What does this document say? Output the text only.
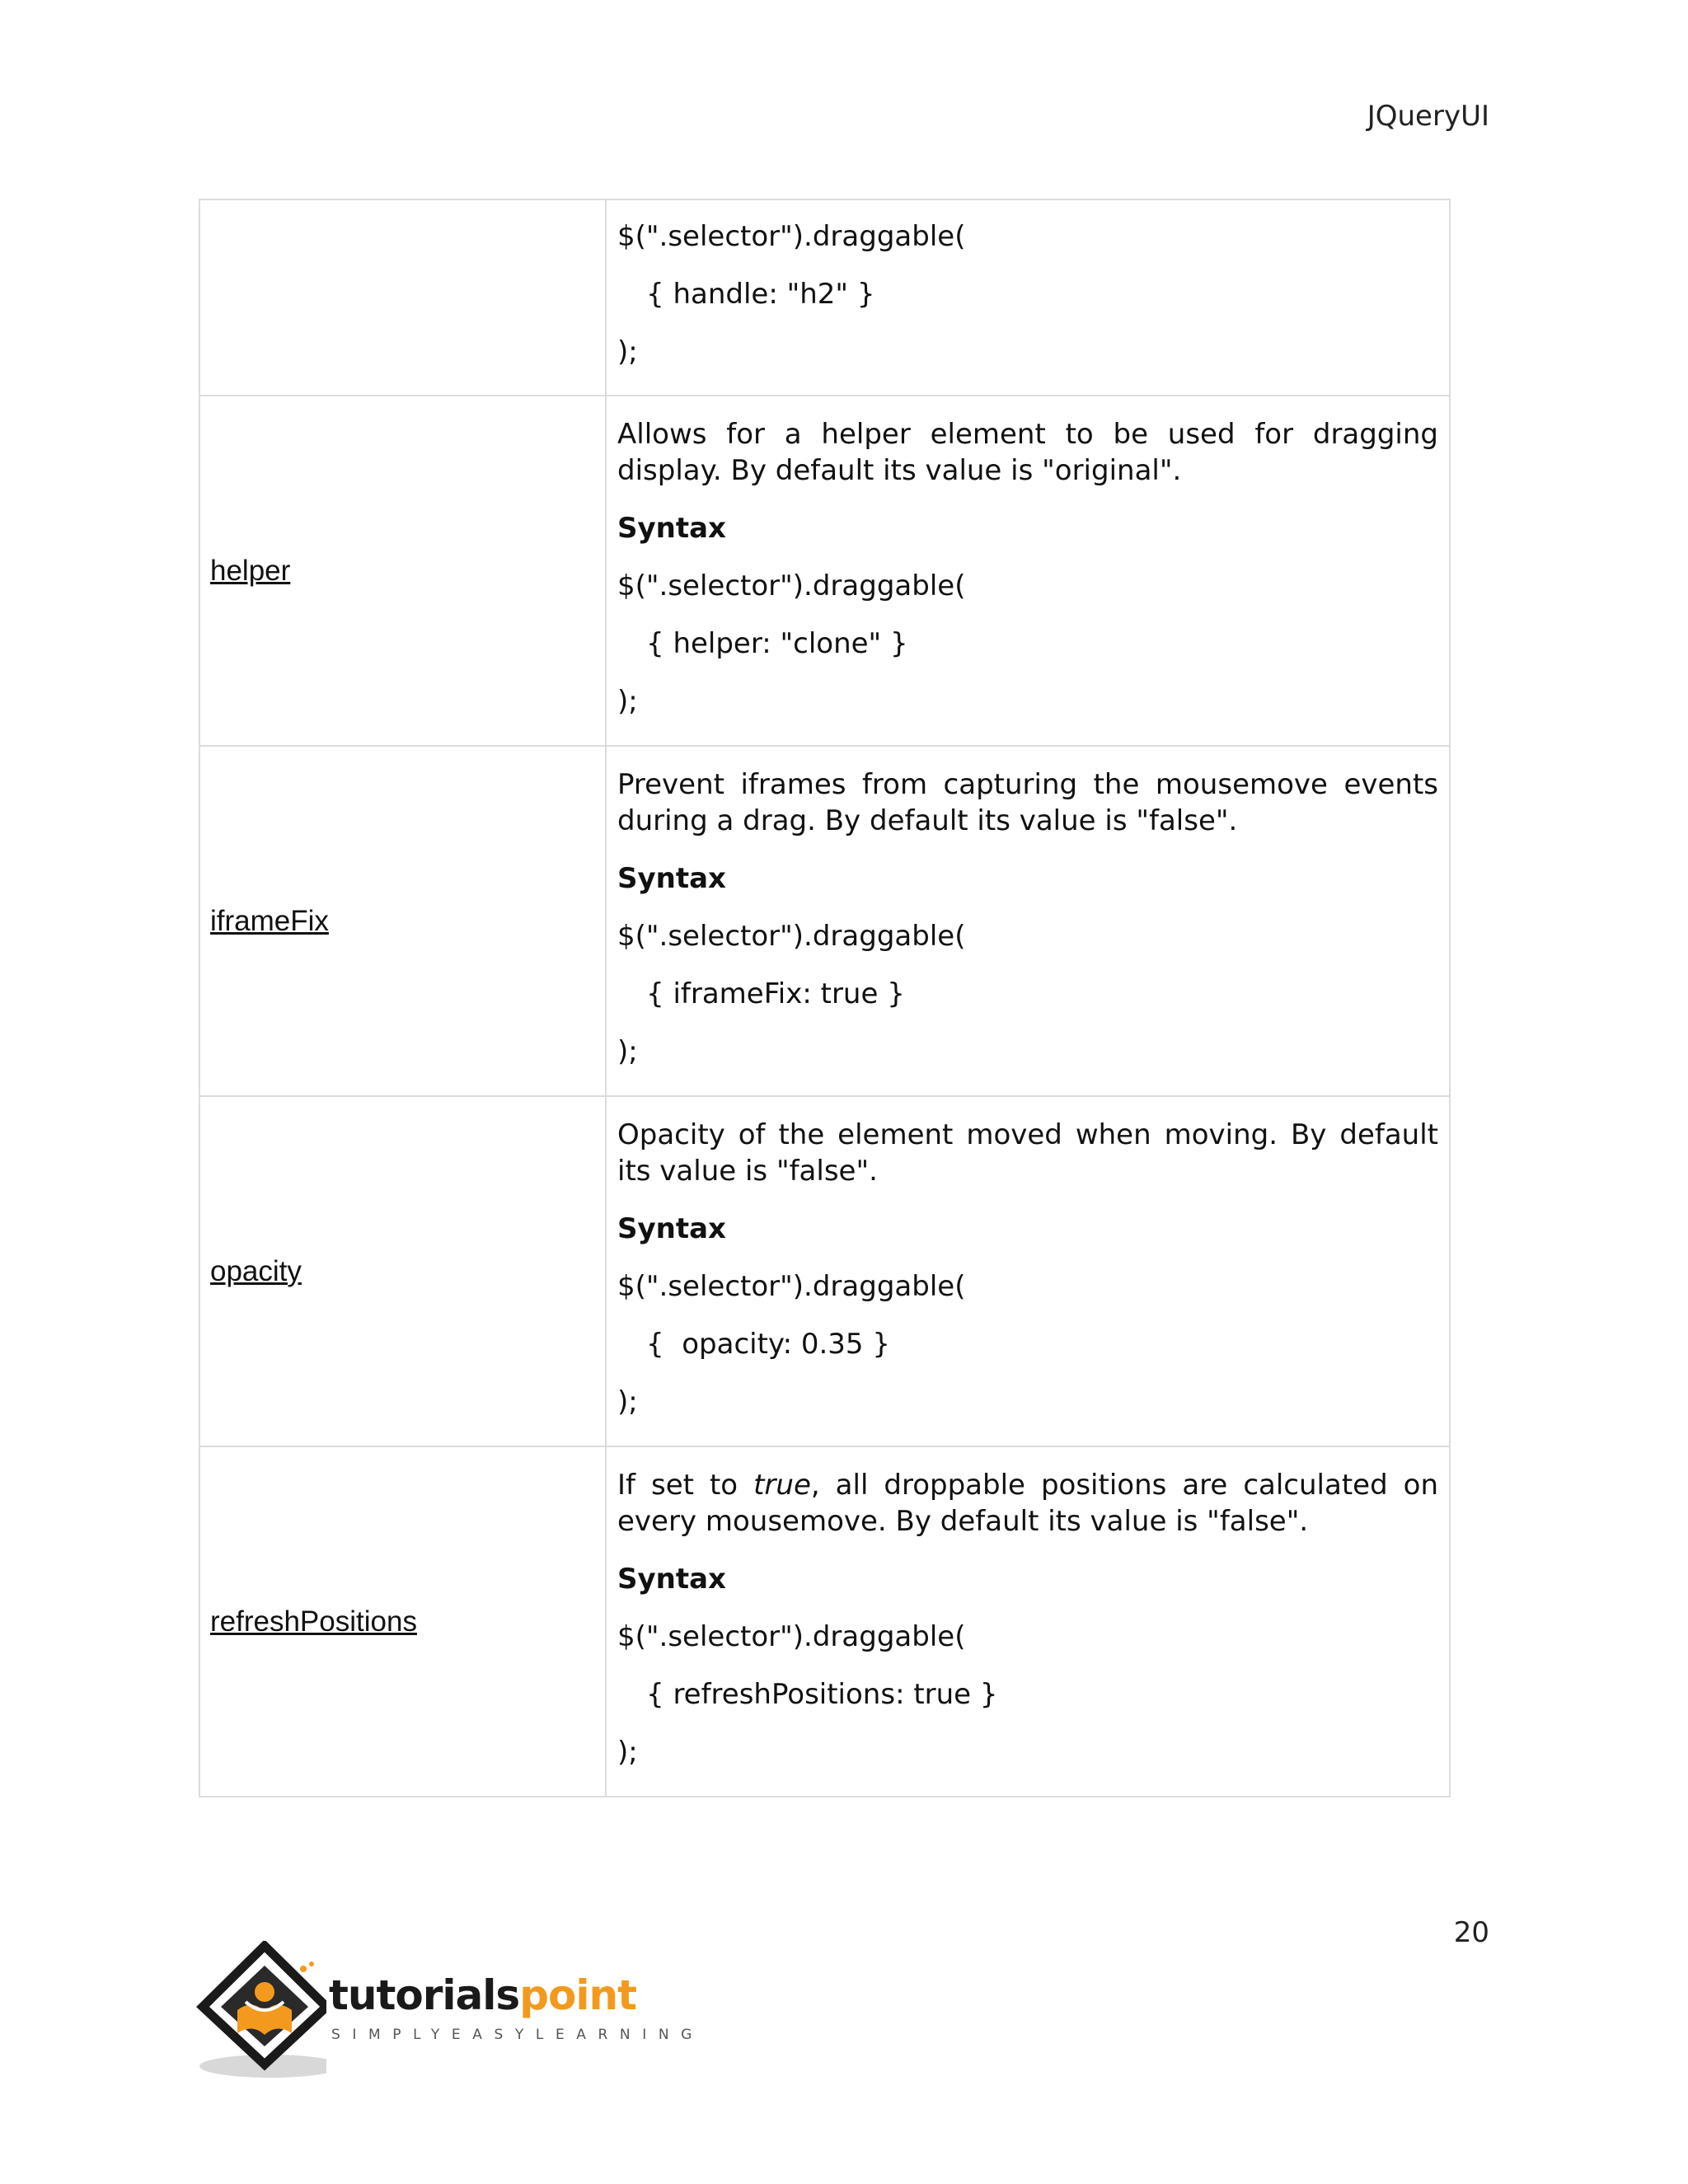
JQueryUI

	$(".selector").draggable(
{ handle: "h2" }
);

helper	Allows for a helper element to be used for dragging display. By default its value is "original".

Syntax
$(".selector").draggable(
{ helper: "clone" }
);

iframeFix	Prevent iframes from capturing the mousemove events during a drag. By default its value is "false".

Syntax
$(".selector").draggable(
{ iframeFix: true }
);

opacity	Opacity of the element moved when moving. By default its value is "false".

Syntax
$(".selector").draggable(
{  opacity: 0.35 }
);

refreshPositions	If set to true, all droppable positions are calculated on every mousemove. By default its value is "false".

Syntax
$(".selector").draggable(
{ refreshPositions: true }
);
20
tutorialspoint
SIMPLYEASYLEARNING
